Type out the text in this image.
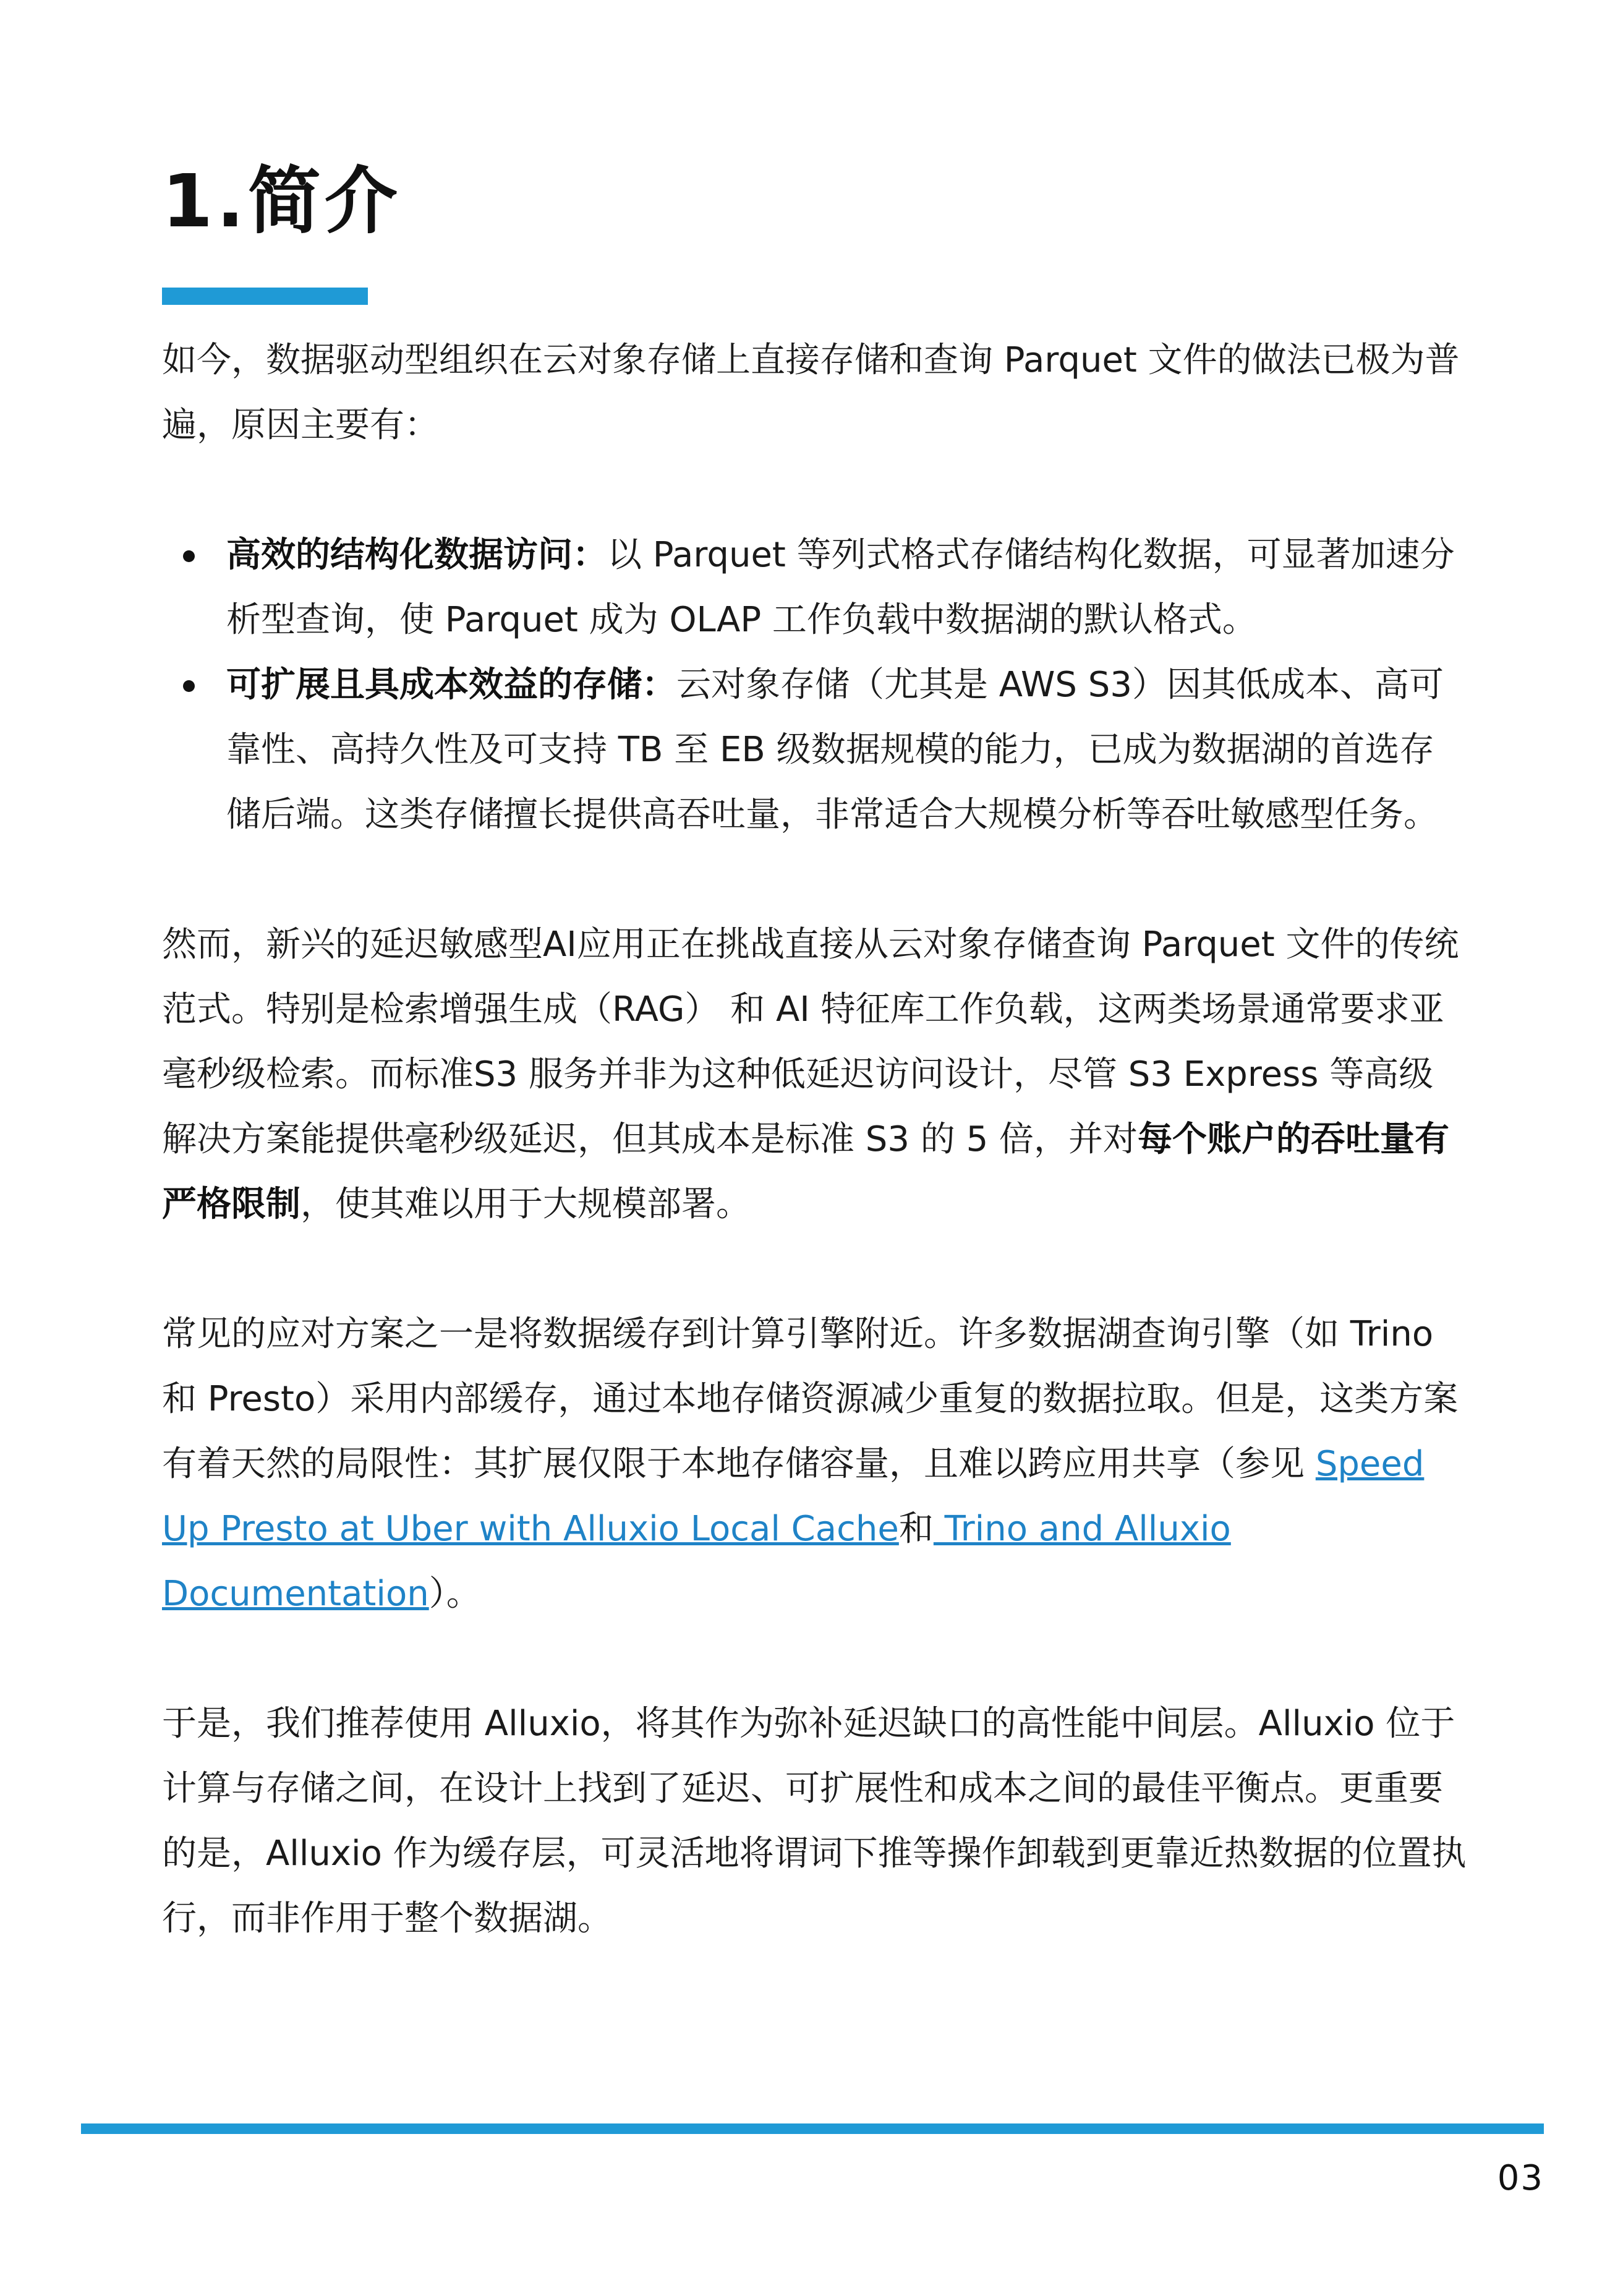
1.简介

如今，数据驱动型组织在云对象存储上直接存储和查询 Parquet 文件的做法已极为普遍，原因主要有：

高效的结构化数据访问：以 Parquet 等列式格式存储结构化数据，可显著加速分析型查询，使 Parquet 成为 OLAP 工作负载中数据湖的默认格式。
可扩展且具成本效益的存储：云对象存储（尤其是 AWS S3）因其低成本、高可靠性、高持久性及可支持 TB 至 EB 级数据规模的能力，已成为数据湖的首选存储后端。这类存储擅长提供高吞吐量，非常适合大规模分析等吞吐敏感型任务。

然而，新兴的延迟敏感型AI应用正在挑战直接从云对象存储查询 Parquet 文件的传统范式。特别是检索增强生成（RAG） 和 AI 特征库工作负载，这两类场景通常要求亚毫秒级检索。而标准S3 服务并非为这种低延迟访问设计，尽管 S3 Express 等高级解决方案能提供毫秒级延迟，但其成本是标准 S3 的 5 倍，并对每个账户的吞吐量有严格限制，使其难以用于大规模部署。

常见的应对方案之一是将数据缓存到计算引擎附近。许多数据湖查询引擎（如 Trino 和 Presto）采用内部缓存，通过本地存储资源减少重复的数据拉取。但是，这类方案有着天然的局限性：其扩展仅限于本地存储容量，且难以跨应用共享（参见 Speed Up Presto at Uber with Alluxio Local Cache和 Trino and Alluxio Documentation）。

于是，我们推荐使用 Alluxio，将其作为弥补延迟缺口的高性能中间层。Alluxio 位于计算与存储之间，在设计上找到了延迟、可扩展性和成本之间的最佳平衡点。更重要的是，Alluxio 作为缓存层，可灵活地将谓词下推等操作卸载到更靠近热数据的位置执行，而非作用于整个数据湖。

03
